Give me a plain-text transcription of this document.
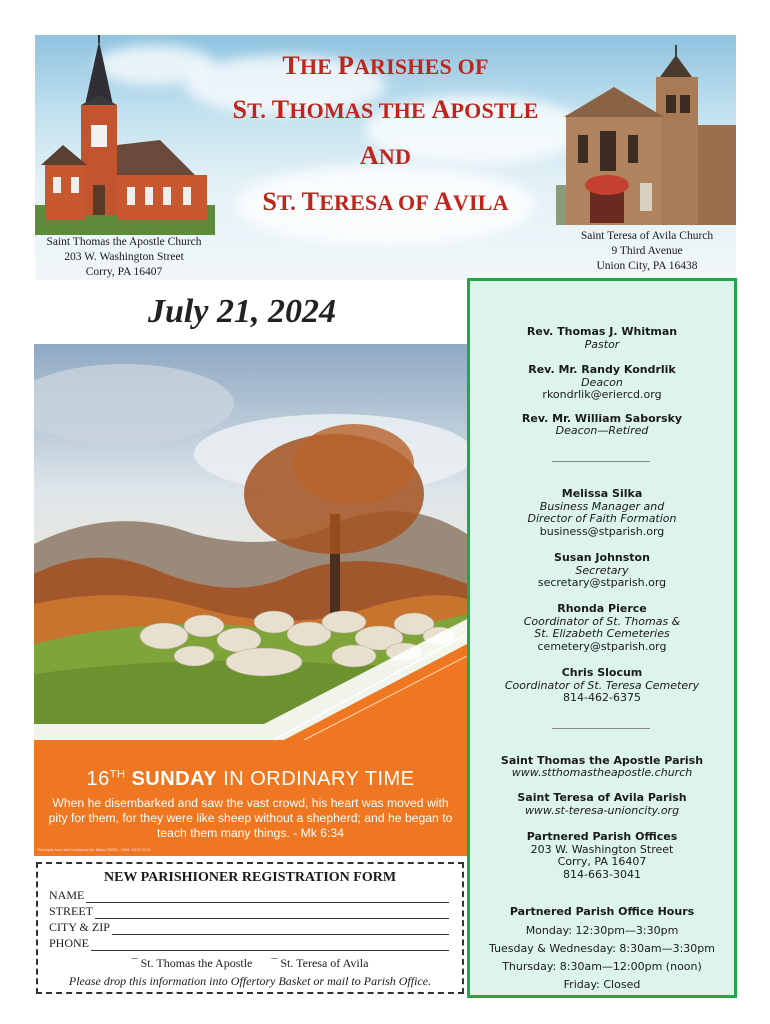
THE PARISHES OF
ST. THOMAS THE APOSTLE
AND
ST. TERESA OF AVILA
Saint Thomas the Apostle Church
203 W. Washington Street
Corry, PA 16407
Saint Teresa of Avila Church
9 Third Avenue
Union City, PA 16438
July 21, 2024
16TH SUNDAY IN ORDINARY TIME
When he disembarked and saw the vast crowd, his heart was moved with pity for them, for they were like sheep without a shepherd; and he began to teach them many things. - Mk 6:34
Excerpts from the Lectionary for Mass ©2001, 1998, 1970 CCD.
NEW PARISHIONER REGISTRATION FORM
NAME
STREET
CITY & ZIP
PHONE
¯ St. Thomas the Apostle ¯ St. Teresa of Avila
Please drop this information into Offertory Basket or mail to Parish Office.
Rev. Thomas J. Whitman
Pastor
Rev. Mr. Randy Kondrlik
Deacon
rkondrlik@eriercd.org
Rev. Mr. William Saborsky
Deacon—Retired
Melissa Silka
Business Manager and
Director of Faith Formation
business@stparish.org
Susan Johnston
Secretary
secretary@stparish.org
Rhonda Pierce
Coordinator of St. Thomas &
St. Elizabeth Cemeteries
cemetery@stparish.org
Chris Slocum
Coordinator of St. Teresa Cemetery
814-462-6375
Saint Thomas the Apostle Parish
www.stthomastheapostle.church
Saint Teresa of Avila Parish
www.st-teresa-unioncity.org
Partnered Parish Offices
203 W. Washington Street
Corry, PA 16407
814-663-3041
Partnered Parish Office Hours
Monday: 12:30pm—3:30pm
Tuesday & Wednesday: 8:30am—3:30pm
Thursday: 8:30am—12:00pm (noon)
Friday: Closed
